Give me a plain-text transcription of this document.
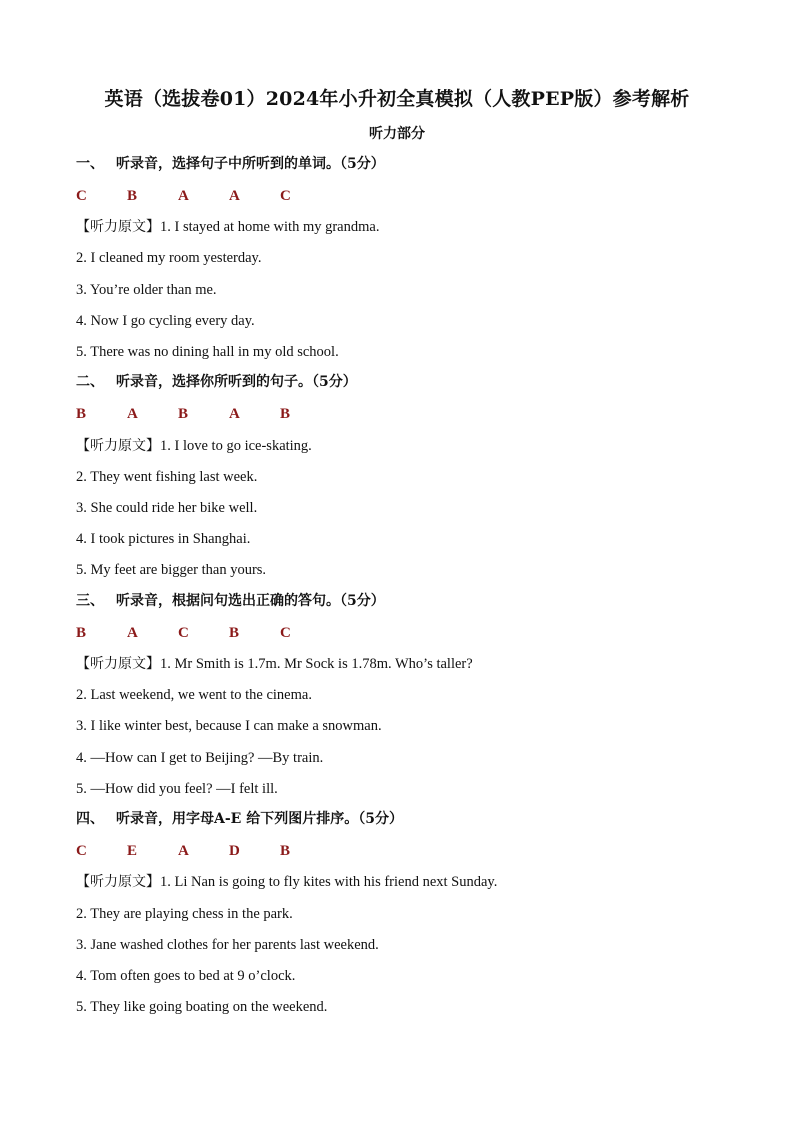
英语（选拔卷01）2024年小升初全真模拟（人教PEP版）参考解析
听力部分
一、 听录音，选择句子中所听到的单词。（5分）
C	B	A	A	C
【听力原文】1. I stayed at home with my grandma.
2. I cleaned my room yesterday.
3. You’re older than me.
4. Now I go cycling every day.
5. There was no dining hall in my old school.
二、 听录音，选择你所听到的句子。（5分）
B	A	B	A	B
【听力原文】1. I love to go ice-skating.
2. They went fishing last week.
3. She could ride her bike well.
4. I took pictures in Shanghai.
5. My feet are bigger than yours.
三、 听录音，根据问句选出正确的答句。（5分）
B	A	C	B	C
【听力原文】1. Mr Smith is 1.7m. Mr Sock is 1.78m. Who’s taller?
2. Last weekend, we went to the cinema.
3. I like winter best, because I can make a snowman.
4. —How can I get to Beijing? —By train.
5. —How did you feel? —I felt ill.
四、 听录音，用字母A-E 给下列图片排序。（5分）
C	E	A	D	B
【听力原文】1. Li Nan is going to fly kites with his friend next Sunday.
2. They are playing chess in the park.
3. Jane washed clothes for her parents last weekend.
4. Tom often goes to bed at 9 o’clock.
5. They like going boating on the weekend.
